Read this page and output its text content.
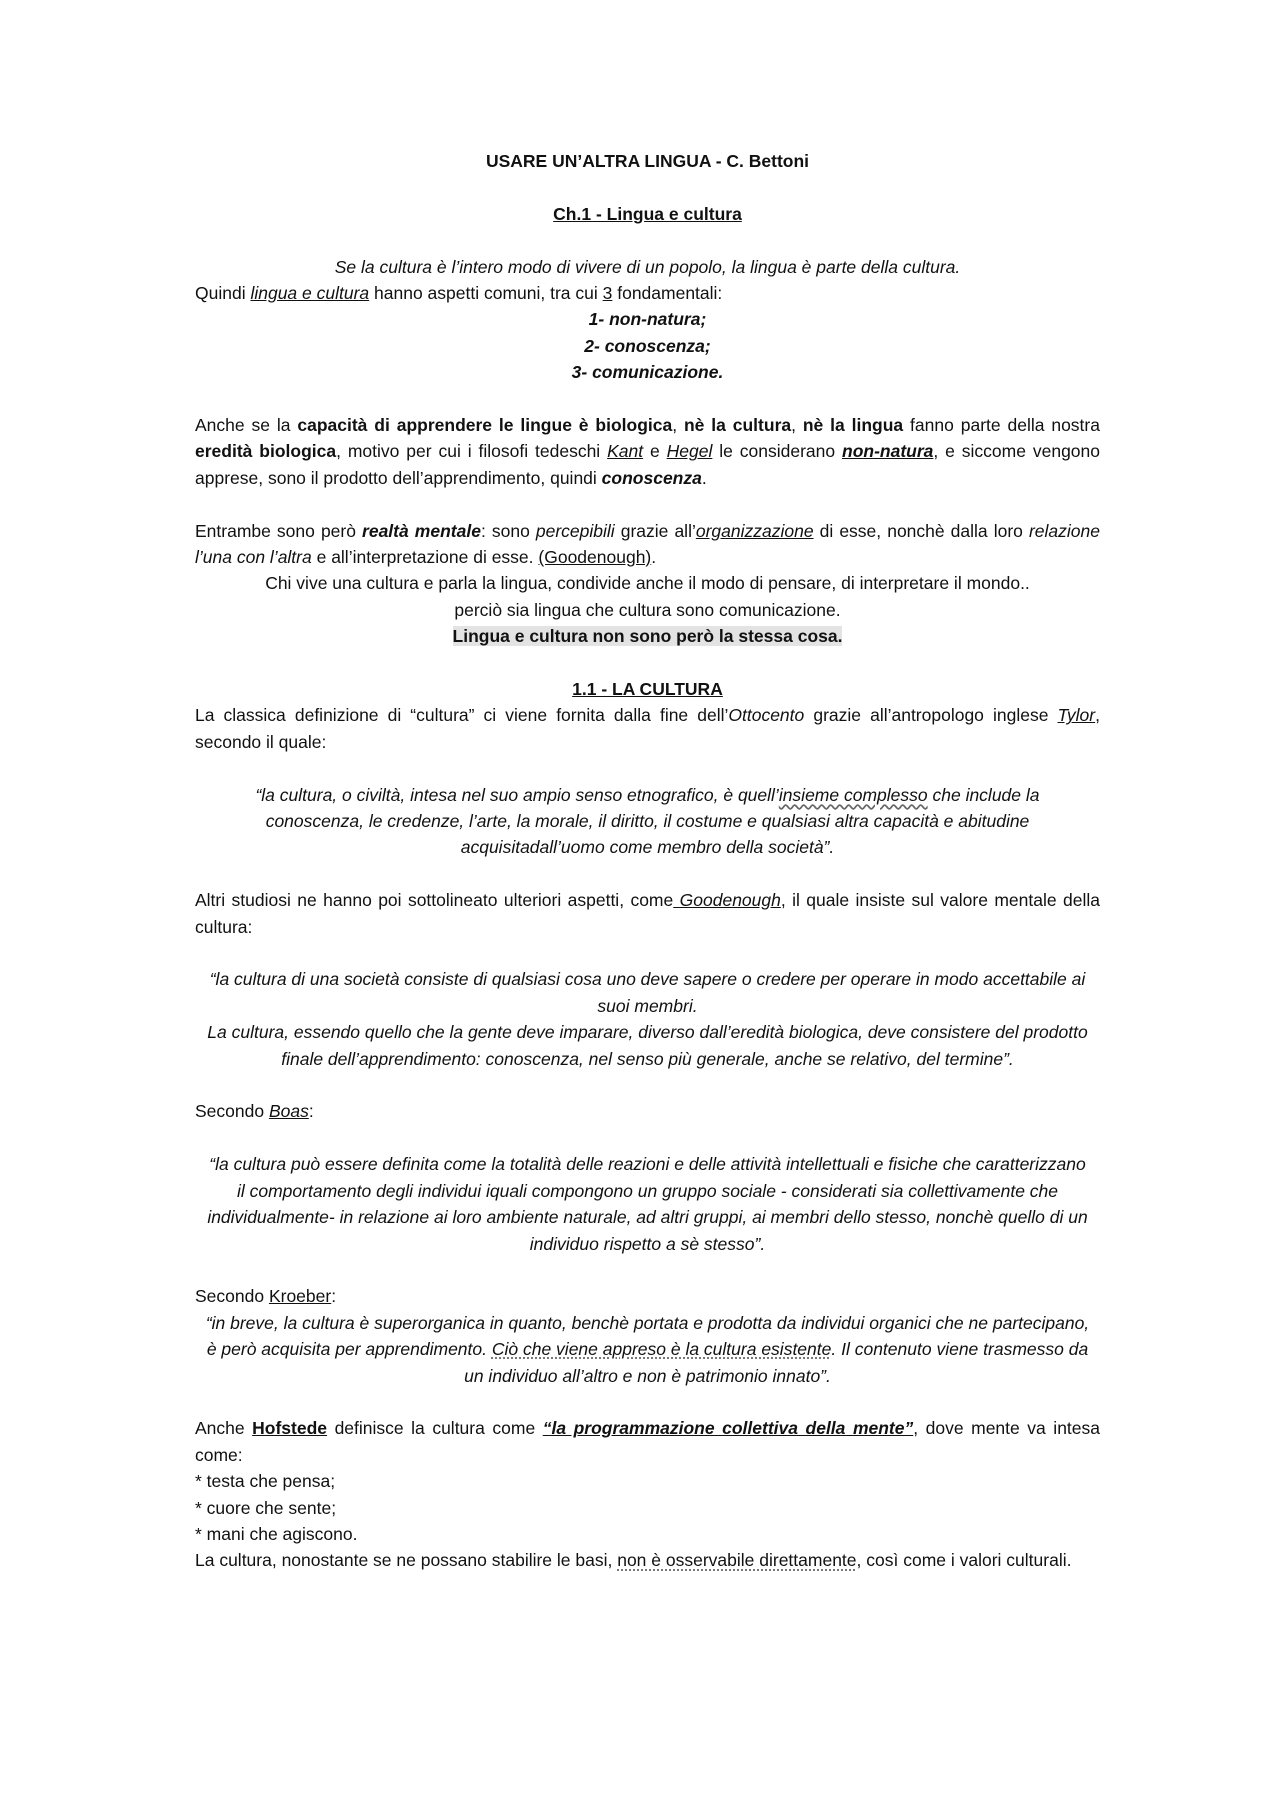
USARE UN’ALTRA LINGUA - C. Bettoni

Ch.1 - Lingua e cultura

Se la cultura è l’intero modo di vivere di un popolo, la lingua è parte della cultura.

Quindi lingua e cultura hanno aspetti comuni, tra cui 3 fondamentali:

1- non-natura;

2- conoscenza;

3- comunicazione.

Anche se la capacità di apprendere le lingue è biologica, nè la cultura, nè la lingua fanno parte della nostra eredità biologica, motivo per cui i filosofi tedeschi Kant e Hegel le considerano non-natura, e siccome vengono apprese, sono il prodotto dell’apprendimento, quindi conoscenza.

Entrambe sono però realtà mentale: sono percepibili grazie all’organizzazione di esse, nonchè dalla loro relazione l’una con l’altra e all’interpretazione di esse. (Goodenough).

Chi vive una cultura e parla la lingua, condivide anche il modo di pensare, di interpretare il mondo..

perciò sia lingua che cultura sono comunicazione.

Lingua e cultura non sono però la stessa cosa.

1.1 - LA CULTURA

La classica definizione di “cultura” ci viene fornita dalla fine dell’Ottocento grazie all’antropologo inglese Tylor, secondo il quale:

“la cultura, o civiltà, intesa nel suo ampio senso etnografico, è quell’insieme complesso che include la conoscenza, le credenze, l’arte, la morale, il diritto, il costume e qualsiasi altra capacità e abitudine acquisitadall’uomo come membro della società”.

Altri studiosi ne hanno poi sottolineato ulteriori aspetti, come Goodenough, il quale insiste sul valore mentale della cultura:

“la cultura di una società consiste di qualsiasi cosa uno deve sapere o credere per operare in modo accettabile ai suoi membri.

La cultura, essendo quello che la gente deve imparare, diverso dall’eredità biologica, deve consistere del prodotto finale dell’apprendimento: conoscenza, nel senso più generale, anche se relativo, del termine”.

Secondo Boas:

“la cultura può essere definita come la totalità delle reazioni e delle attività intellettuali e fisiche che caratterizzano il comportamento degli individui iquali compongono un gruppo sociale - considerati sia collettivamente che individualmente- in relazione ai loro ambiente naturale, ad altri gruppi, ai membri dello stesso, nonchè quello di un individuo rispetto a sè stesso”.

Secondo Kroeber:

“in breve, la cultura è superorganica in quanto, benchè portata e prodotta da individui organici che ne partecipano, è però acquisita per apprendimento. Ciò che viene appreso è la cultura esistente. Il contenuto viene trasmesso da un individuo all’altro e non è patrimonio innato”.

Anche Hofstede definisce la cultura come “la programmazione collettiva della mente”, dove mente va intesa come:

* testa che pensa;

* cuore che sente;

* mani che agiscono.

La cultura, nonostante se ne possano stabilire le basi, non è osservabile direttamente, così come i valori culturali.
